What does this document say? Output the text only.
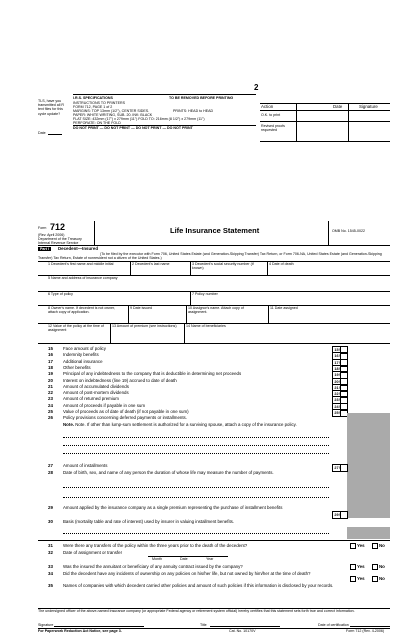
TLS, have you transmitted all R text files for this cycle update?
Date
2
I.R.S. SPECIFICATIONS	TO BE REMOVED BEFORE PRINTING
INSTRUCTIONS TO PRINTERS
FORM 712, PAGE 1 of 2
MARGINS: TOP 13mm (1/2"), CENTER SIDES.	PRINTS: HEAD to HEAD
PAPER: WHITE WRITING, SUB. 20. INK: BLACK
FLAT SIZE: 432mm (17") x 279mm (11") FOLD TO: 216mm (8 1/2") x 279mm (11")
PERFORATE: ON THE FOLD
DO NOT PRINT — DO NOT PRINT — DO NOT PRINT — DO NOT PRINT
Action	Date	Signature
O.K. to print
Revised proofs requested
Form 712
(Rev. April 2006)
Department of the Treasury
Internal Revenue Service
Life Insurance Statement	OMB No. 1545-0022
Part I	Decedent—Insured
(To be filed by the executor with Form 706, United States Estate (and Generation-Skipping Transfer) Tax Return, or Form 706-NA, United States Estate (and Generation-Skipping Transfer) Tax Return, Estate of nonresident not a citizen of the United States.)
1 Decedent's first name and middle initial	2 Decedent's last name	3 Decedent's social security number (if known)
4 Date of death
5 Name and address of insurance company
6 Type of policy	7 Policy number
8 Owner's name. If decedent is not owner, attach copy of application.
9 Date issued	10 Assignor's name. Attach copy of assignment.
11 Date assigned
12 Value of the policy at the time of assignment
13 Amount of premium (see instructions)	14 Name of beneficiaries
15	Face amount of policy
16	Indemnity benefits
17	Additional insurance
18	Other benefits
19	Principal of any indebtedness to the company that is deductible in determining net proceeds
20	Interest on indebtedness (line 19) accrued to date of death
21	Amount of accumulated dividends
22	Amount of post-mortem dividends
23	Amount of returned premium
24	Amount of proceeds if payable in one sum
25	Value of proceeds as of date of death (if not payable in one sum)
26	Policy provisions concerning deferred payments or installments.
15 $
16 $
17 $
18 $
19 $
20 $
21 $
22 $
23 $
24 $
25 $
Note. Note. If other than lump-sum settlement is authorized for a surviving spouse, attach a copy of the insurance policy.
27	Amount of installments	27 $
28	Date of birth, sex, and name of any person the duration of whose life may measure the number of payments.
29	Amount applied by the insurance company as a single premium representing the purchase of installment benefits
29 $
30 Basis (mortality table and rate of interest) used by insurer in valuing installment benefits.
31 Were there any transfers of the policy within the three years prior to the death of the decedent?	Yes	No
32 Date of assignment or transfer
Month	Date	Year
33 Was the insured the annuitant or beneficiary of any annuity contract issued by the company?	Yes	No
34 Did the decedent have any incidents of ownership on any policies on his/her life, but not owned by him/her at the time of death?
Yes	No
35 Names of companies with which decedent carried other policies and amount of such policies if this information is disclosed by your records.
The undersigned officer of the above-named insurance company (or appropriate Federal agency or retirement system official) hereby certifies that this statement sets forth true and correct information.
Signature	Title	Date of certification
For Paperwork Reduction Act Notice, see page 3.	Cat. No. 10170V	Form 712 (Rev. 4-2006)
